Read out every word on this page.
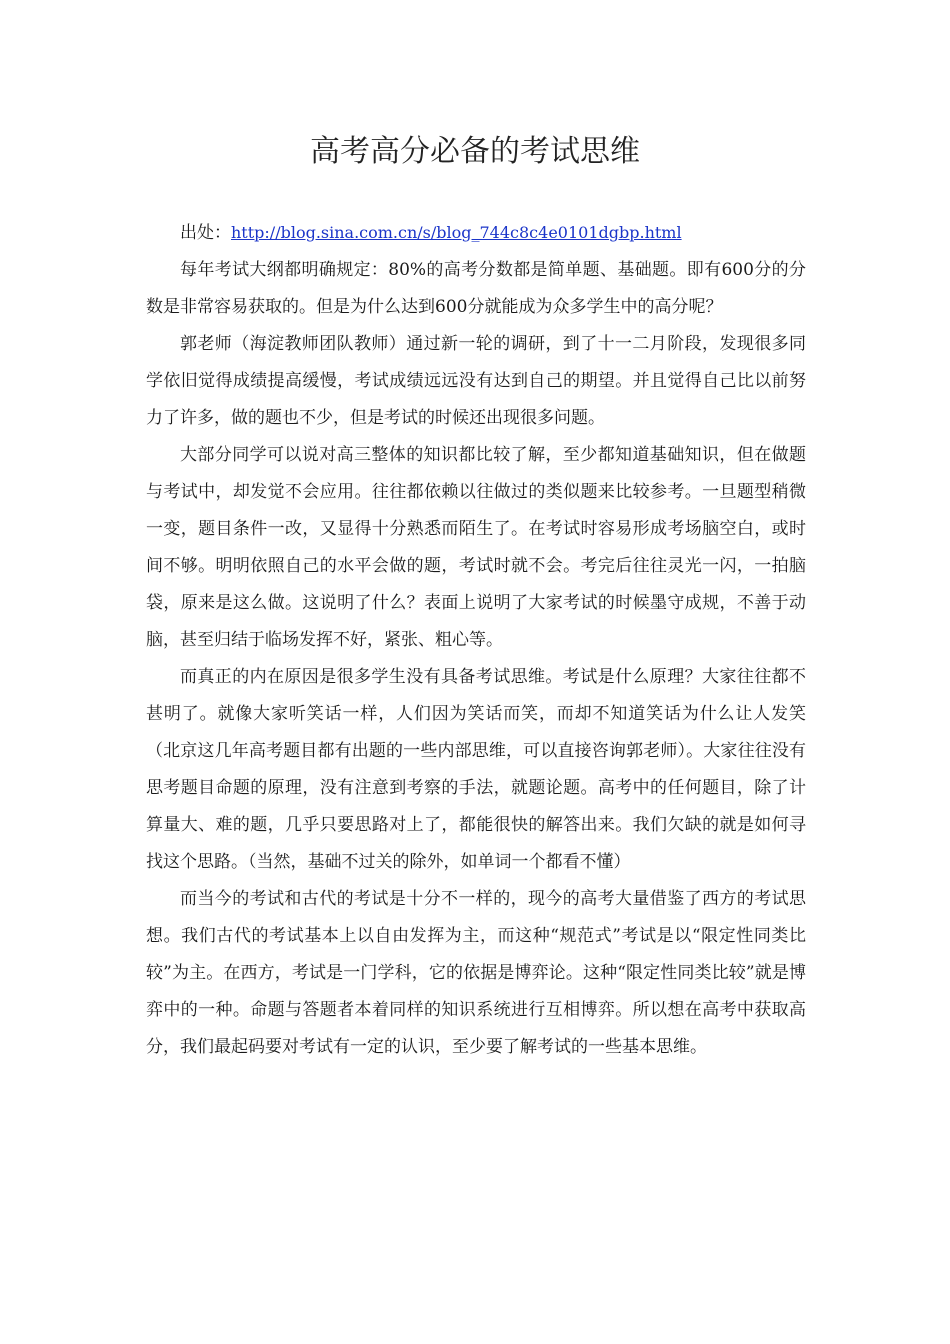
高考高分必备的考试思维

出处：http://blog.sina.com.cn/s/blog_744c8c4e0101dgbp.html

每年考试大纲都明确规定：80%的高考分数都是简单题、基础题。即有600分的分数是非常容易获取的。但是为什么达到600分就能成为众多学生中的高分呢？

郭老师（海淀教师团队教师）通过新一轮的调研，到了十一二月阶段，发现很多同学依旧觉得成绩提高缓慢，考试成绩远远没有达到自己的期望。并且觉得自己比以前努力了许多，做的题也不少，但是考试的时候还出现很多问题。

大部分同学可以说对高三整体的知识都比较了解，至少都知道基础知识，但在做题与考试中，却发觉不会应用。往往都依赖以往做过的类似题来比较参考。一旦题型稍微一变，题目条件一改，又显得十分熟悉而陌生了。在考试时容易形成考场脑空白，或时间不够。明明依照自己的水平会做的题，考试时就不会。考完后往往灵光一闪，一拍脑袋，原来是这么做。这说明了什么？表面上说明了大家考试的时候墨守成规，不善于动脑，甚至归结于临场发挥不好，紧张、粗心等。

而真正的内在原因是很多学生没有具备考试思维。考试是什么原理？大家往往都不甚明了。就像大家听笑话一样，人们因为笑话而笑，而却不知道笑话为什么让人发笑（北京这几年高考题目都有出题的一些内部思维，可以直接咨询郭老师）。大家往往没有思考题目命题的原理，没有注意到考察的手法，就题论题。高考中的任何题目，除了计算量大、难的题，几乎只要思路对上了，都能很快的解答出来。我们欠缺的就是如何寻找这个思路。（当然，基础不过关的除外，如单词一个都看不懂）

而当今的考试和古代的考试是十分不一样的，现今的高考大量借鉴了西方的考试思想。我们古代的考试基本上以自由发挥为主，而这种“规范式”考试是以“限定性同类比较”为主。在西方，考试是一门学科，它的依据是博弈论。这种“限定性同类比较”就是博弈中的一种。命题与答题者本着同样的知识系统进行互相博弈。所以想在高考中获取高分，我们最起码要对考试有一定的认识，至少要了解考试的一些基本思维。
